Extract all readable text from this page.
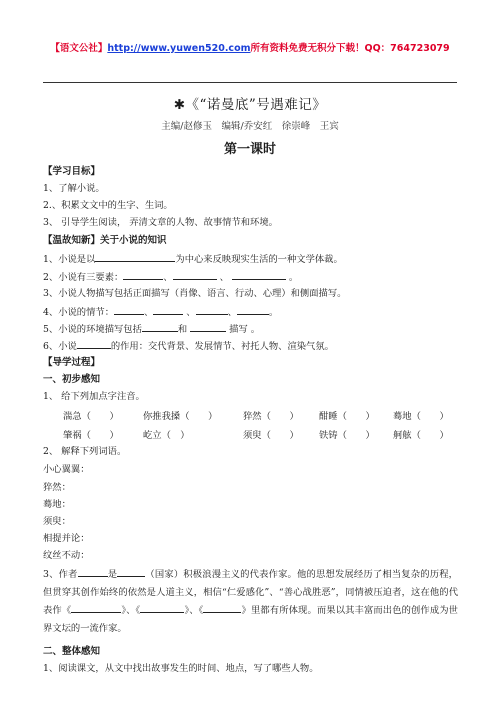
【语文公社】http://www.yuwen520.com所有资料免费无积分下载！QQ：764723079
✱《“诺曼底”号遇难记》
主编/赵修玉　编辑/乔安红　徐崇峰　王宾
第一课时
【学习目标】
1、了解小说。
2.、积累文文中的生字、生词。
3、 引导学生阅读， 弄清文章的人物、故事情节和环境。
【温故知新】关于小说的知识
1、小说是以	为中心来反映现实生活的一种文学体裁。
2、小说有三要素：	、	、	。
3、小说人物描写包括正面描写（肖像、语言、行动、心理）和侧面描写。
4、小说的情节：	、	、	、	。
5、小说的环境描写包括	和	描写 。
6、小说	的作用：交代背景、发展情节、衬托人物、渲染气氛。
【导学过程】
一、初步感知
1、 给下列加点字注音。
湍急（　　）	你推我搡（　　）	猝然（　　） 酣睡（　　） 蓦地（　　）
肇祸（　　）	屹立（　）	须臾（　　） 铁铸（　　） 舸舷（　　）
2、 解释下列词语。
小心翼翼：
猝然：
蓦地：
须臾：
相提并论：
纹丝不动：
3、作者	是	（国家）积极浪漫主义的代表作家。他的思想发展经历了相当复杂的历程，但贯穿其创作始终的依然是人道主义，相信“仁爱感化”、“善心战胜恶”，同情被压迫者，这在他的代表作《	》、《	》、《	》里都有所体现。而果以其丰富而出色的创作成为世界文坛的一流作家。
二、整体感知
1、阅读课文，从文中找出故事发生的时间、地点，写了哪些人物。
